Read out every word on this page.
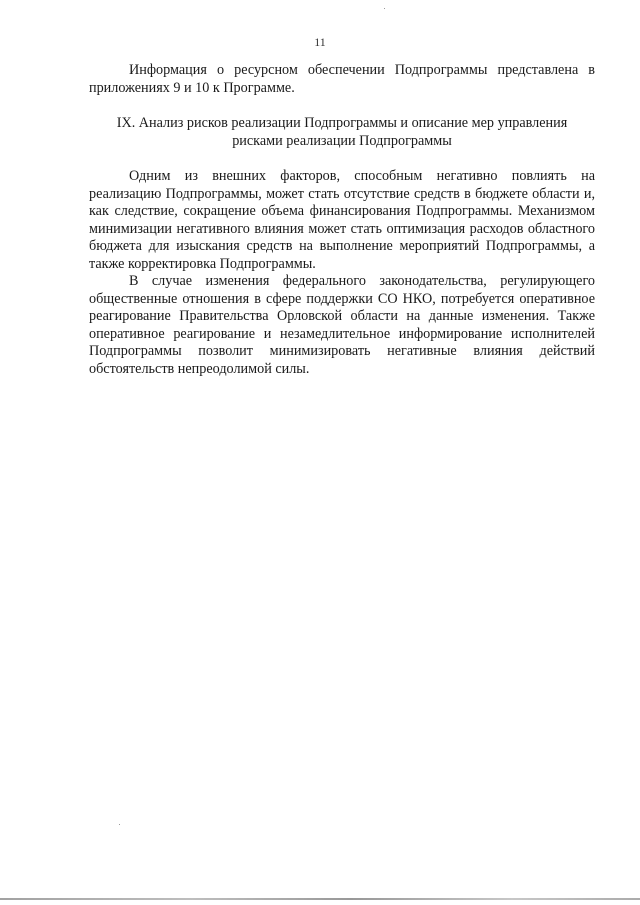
11

Информация о ресурсном обеспечении Подпрограммы представлена в приложениях 9 и 10 к Программе.

IX. Анализ рисков реализации Подпрограммы и описание мер управления
рисками реализации Подпрограммы

Одним из внешних факторов, способным негативно повлиять на реализацию Подпрограммы, может стать отсутствие средств в бюджете области и, как следствие, сокращение объема финансирования Подпрограммы. Механизмом минимизации негативного влияния может стать оптимизация расходов областного бюджета для изыскания средств на выполнение мероприятий Подпрограммы, а также корректировка Подпрограммы.

В случае изменения федерального законодательства, регулирующего общественные отношения в сфере поддержки СО НКО, потребуется оперативное реагирование Правительства Орловской области на данные изменения. Также оперативное реагирование и незамедлительное информирование исполнителей Подпрограммы позволит минимизировать негативные влияния действий обстоятельств непреодолимой силы.
